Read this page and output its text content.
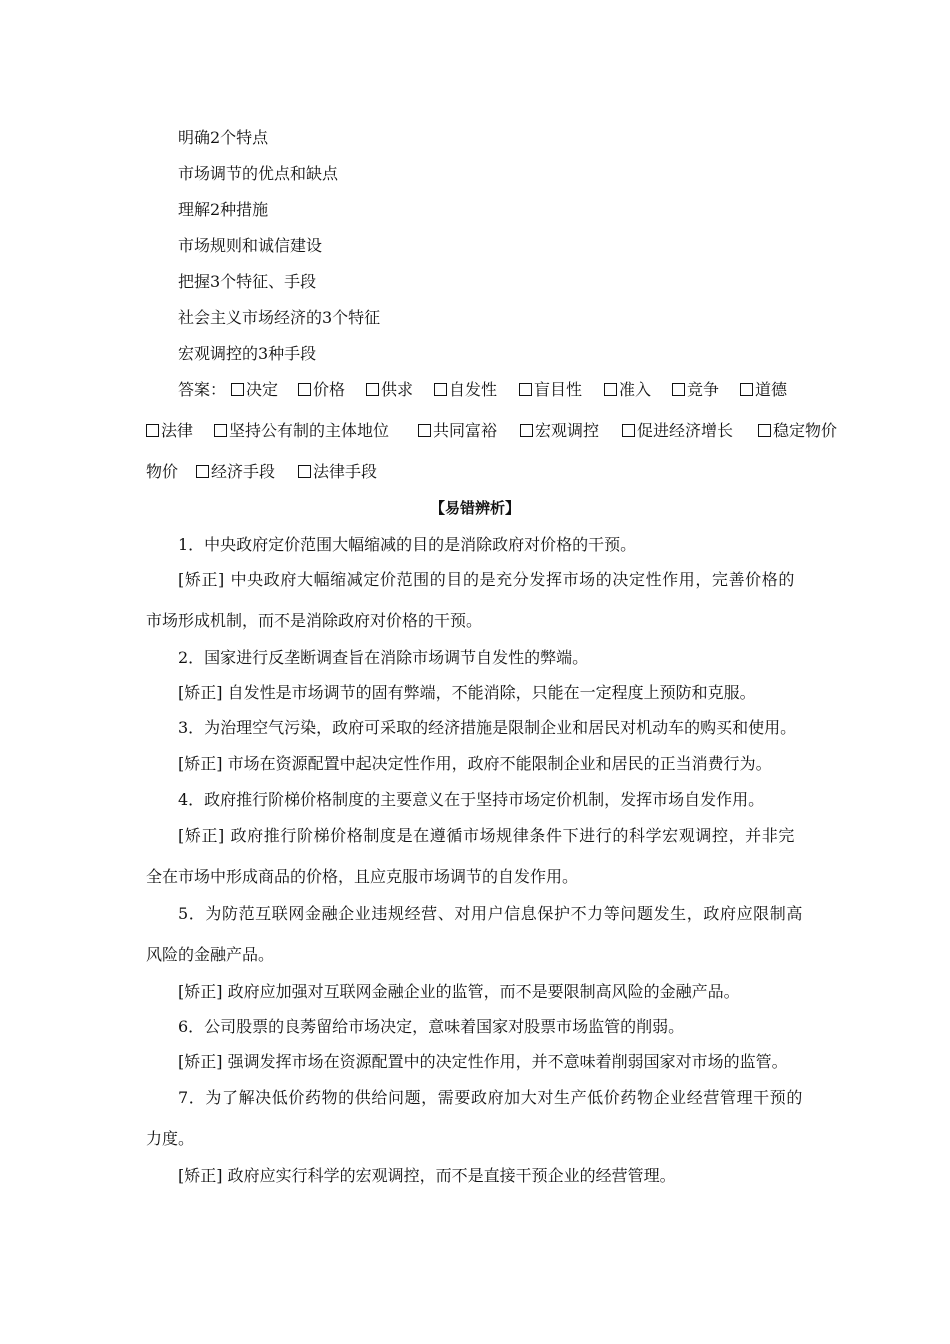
明确2个特点
市场调节的优点和缺点
理解2种措施
市场规则和诚信建设
把握3个特征、手段
社会主义市场经济的3个特征
宏观调控的3种手段
答案：	决定	价格	供求	自发性	盲目性	准入	竞争	道德
法律	坚持公有制的主体地位	共同富裕	宏观调控	促进经济增长	稳定物价
物价	经济手段	法律手段
【易错辨析】
1．中央政府定价范围大幅缩减的目的是消除政府对价格的干预。
[矫正] 中央政府大幅缩减定价范围的目的是充分发挥市场的决定性作用，完善价格的
市场形成机制，而不是消除政府对价格的干预。
2．国家进行反垄断调查旨在消除市场调节自发性的弊端。
[矫正] 自发性是市场调节的固有弊端，不能消除，只能在一定程度上预防和克服。
3．为治理空气污染，政府可采取的经济措施是限制企业和居民对机动车的购买和使用。
[矫正] 市场在资源配置中起决定性作用，政府不能限制企业和居民的正当消费行为。
4．政府推行阶梯价格制度的主要意义在于坚持市场定价机制，发挥市场自发作用。
[矫正] 政府推行阶梯价格制度是在遵循市场规律条件下进行的科学宏观调控，并非完
全在市场中形成商品的价格，且应克服市场调节的自发作用。
5．为防范互联网金融企业违规经营、对用户信息保护不力等问题发生，政府应限制高
风险的金融产品。
[矫正] 政府应加强对互联网金融企业的监管，而不是要限制高风险的金融产品。
6．公司股票的良莠留给市场决定，意味着国家对股票市场监管的削弱。
[矫正] 强调发挥市场在资源配置中的决定性作用，并不意味着削弱国家对市场的监管。
7．为了解决低价药物的供给问题，需要政府加大对生产低价药物企业经营管理干预的
力度。
[矫正] 政府应实行科学的宏观调控，而不是直接干预企业的经营管理。
